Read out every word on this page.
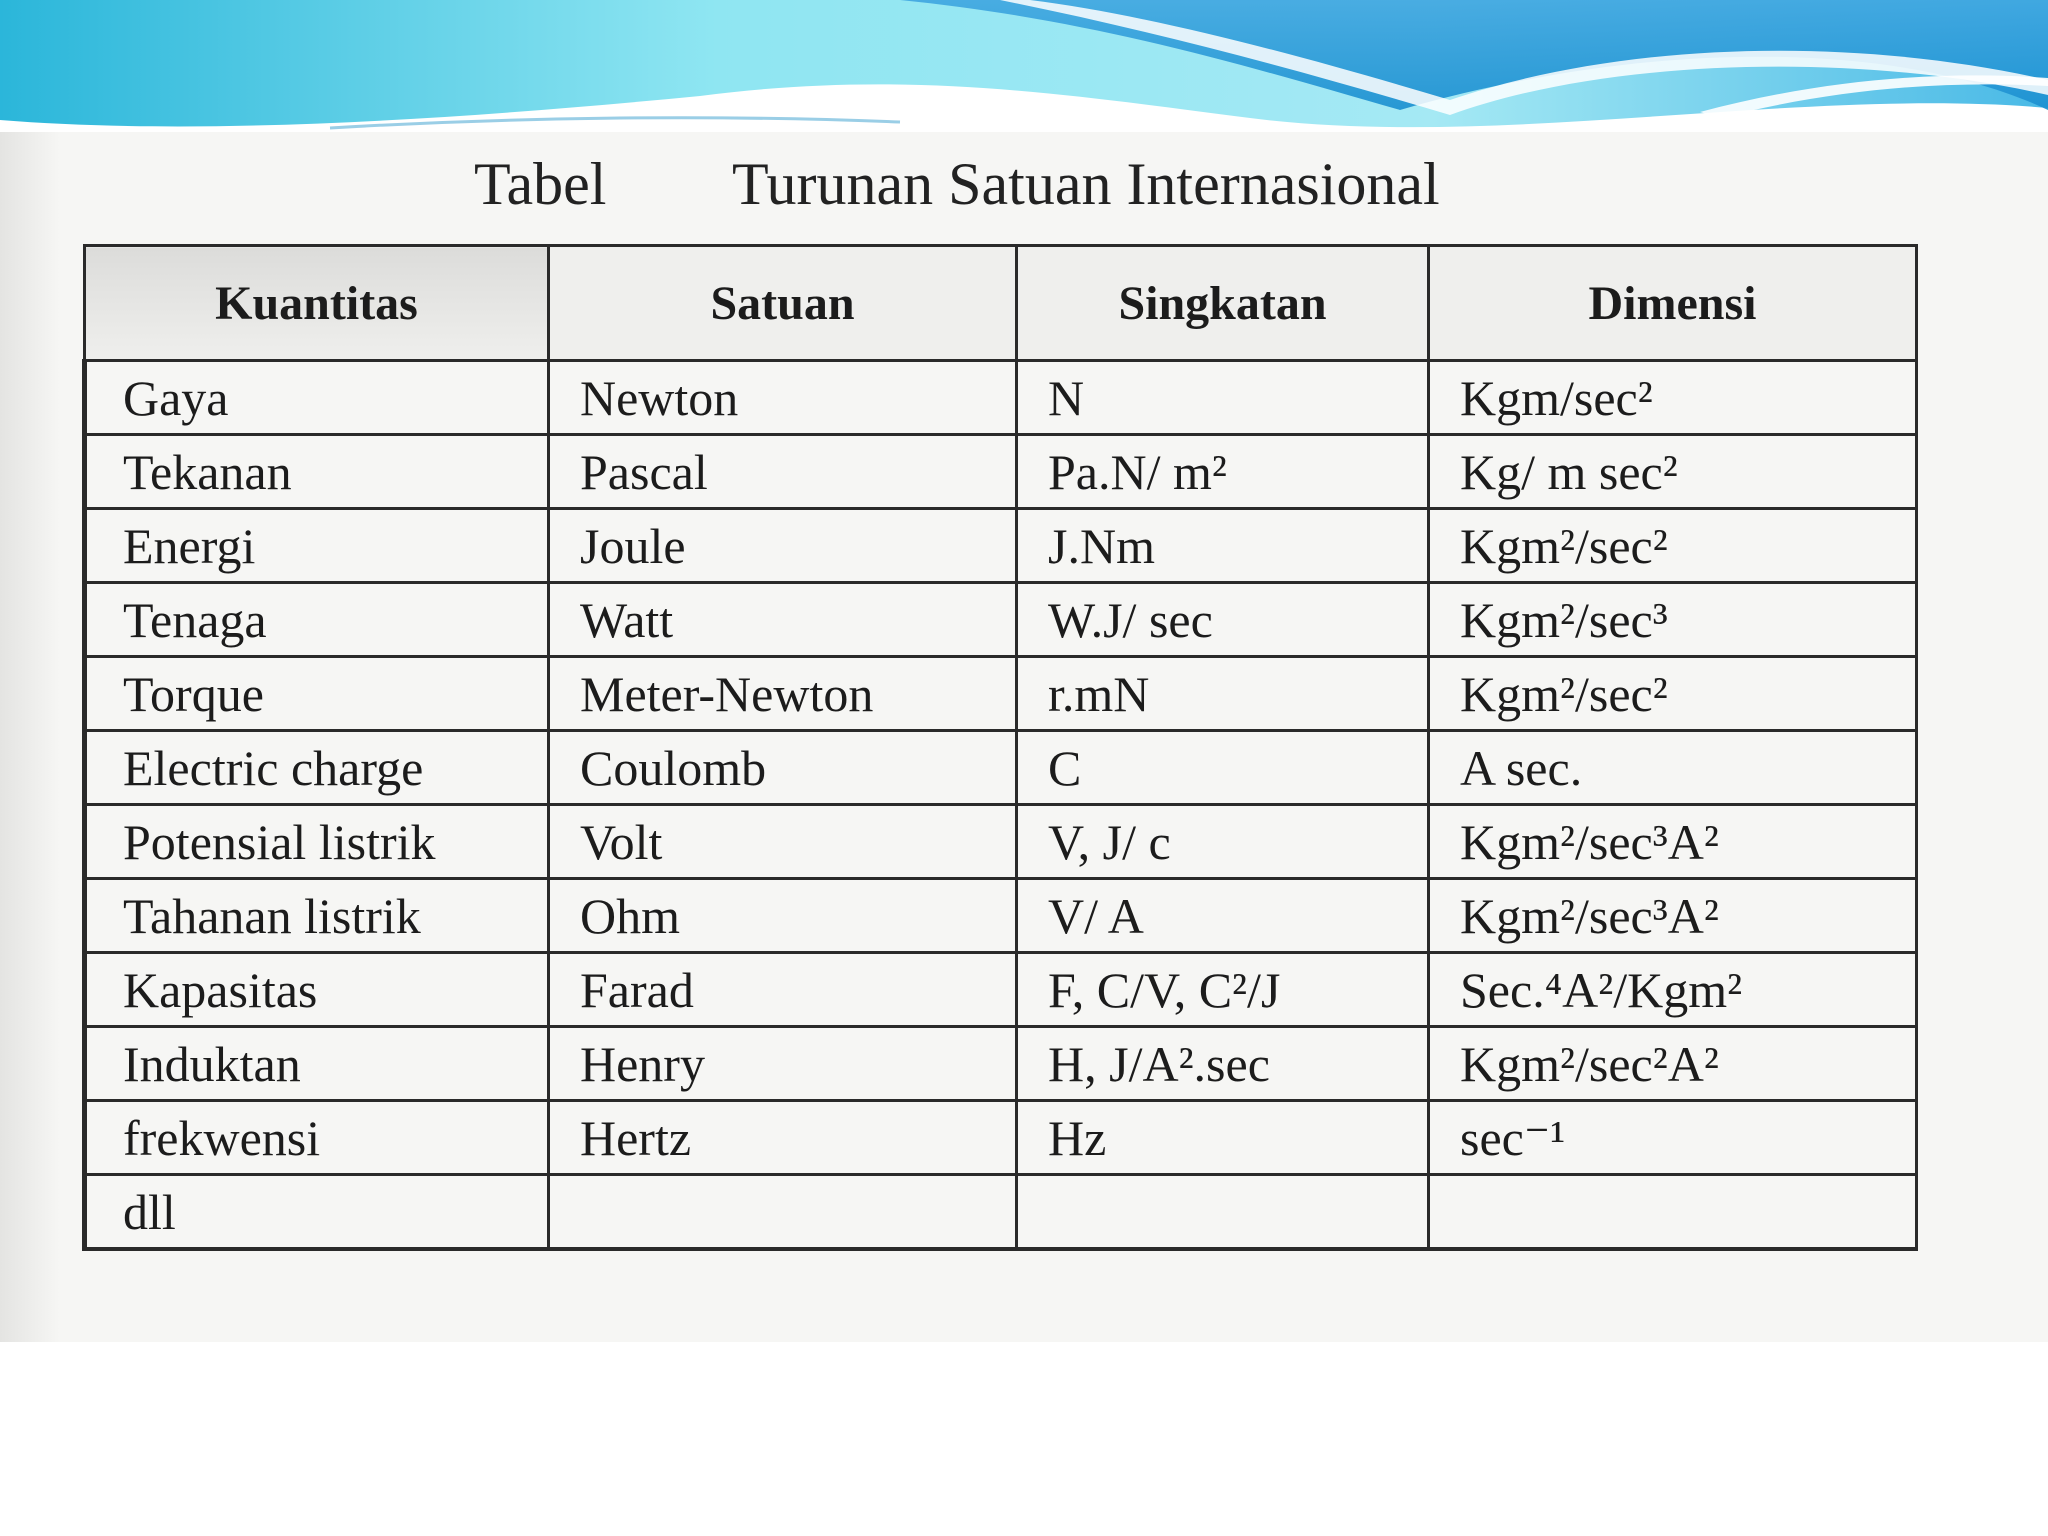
Tabel Turunan Satuan Internasional
Kuantitas	Satuan	Singkatan	Dimensi
Gaya	Newton	N	Kgm/sec²
Tekanan	Pascal	Pa.N/ m²	Kg/ m sec²
Energi	Joule	J.Nm	Kgm²/sec²
Tenaga	Watt	W.J/ sec	Kgm²/sec³
Torque	Meter-Newton	r.mN	Kgm²/sec²
Electric charge	Coulomb	C	A sec.
Potensial listrik	Volt	V, J/ c	Kgm²/sec³A²
Tahanan listrik	Ohm	V/ A	Kgm²/sec³A²
Kapasitas	Farad	F, C/V, C²/J	Sec.⁴A²/Kgm²
Induktan	Henry	H, J/A².sec	Kgm²/sec²A²
frekwensi	Hertz	Hz	sec⁻¹
dll			
